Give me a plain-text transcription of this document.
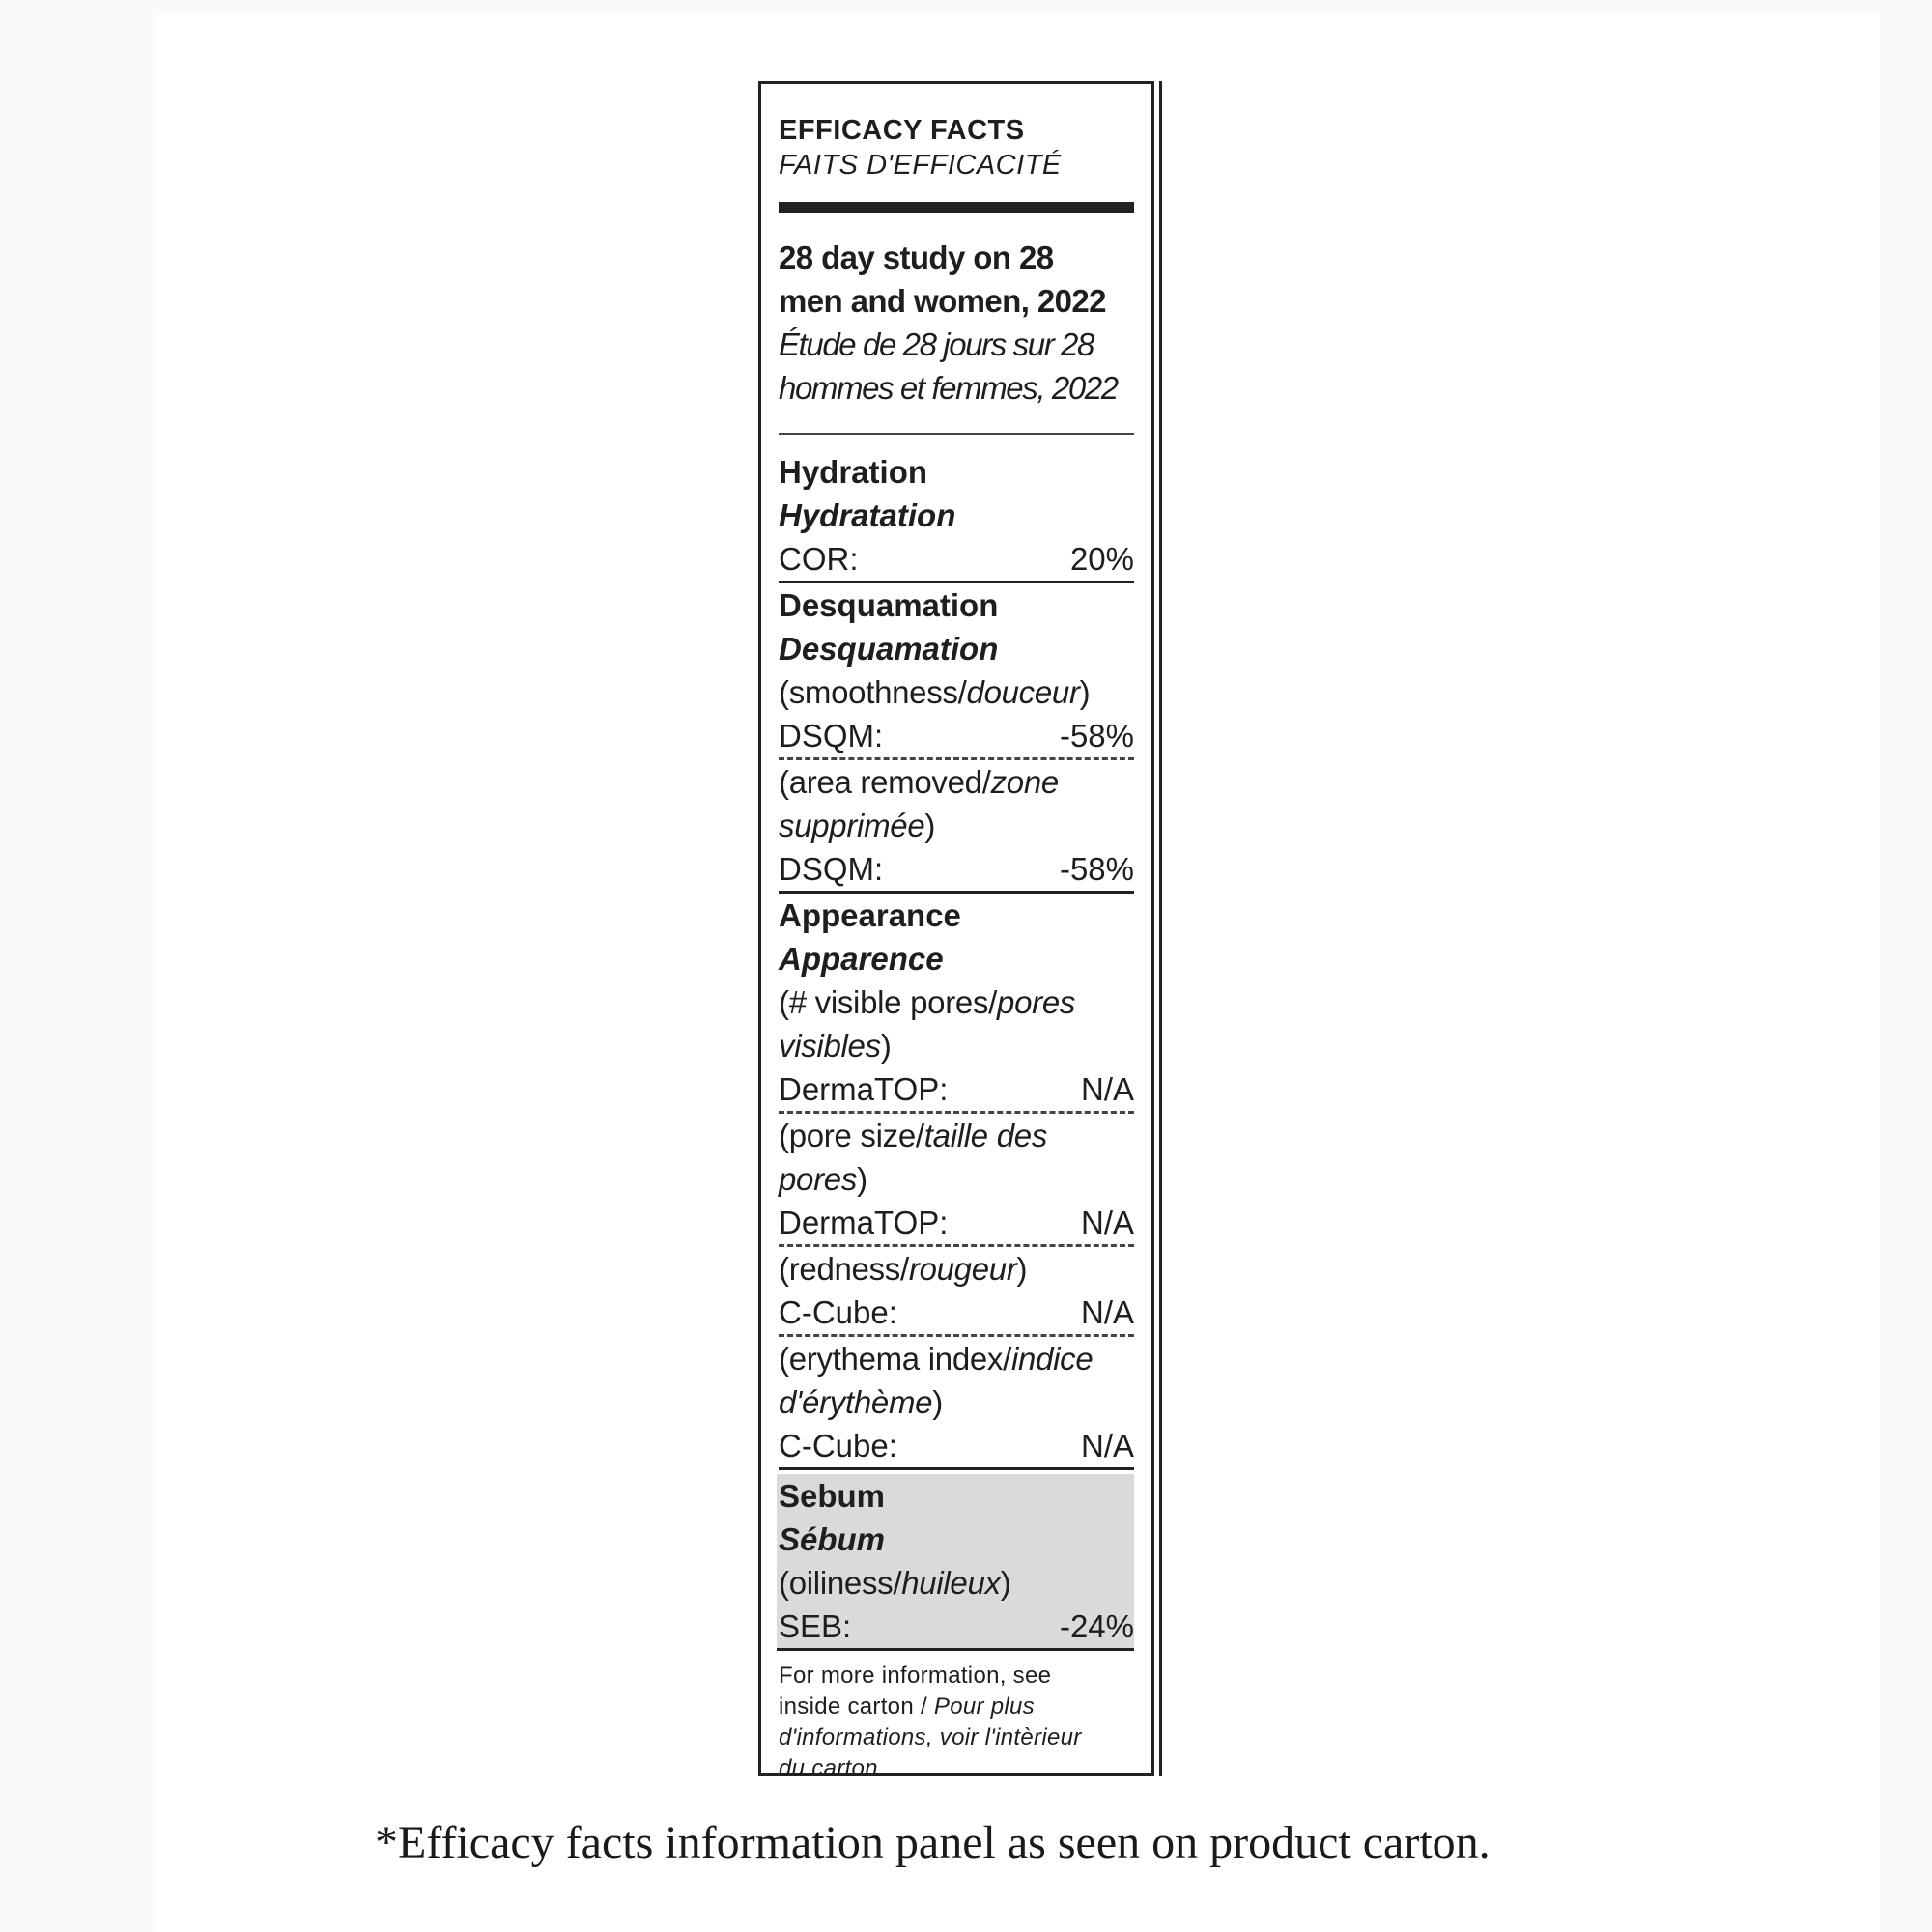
EFFICACY FACTS
FAITS D'EFFICACITÉ
28 day study on 28
men and women, 2022
Étude de 28 jours sur 28
hommes et femmes, 2022
Hydration
Hydratation
COR:	20%
Desquamation
Desquamation
(smoothness/douceur)
DSQM:	-58%
(area removed/zone
supprimée)
DSQM:	-58%
Appearance
Apparence
(# visible pores/pores
visibles)
DermaTOP:	N/A
(pore size/taille des
pores)
DermaTOP:	N/A
(redness/rougeur)
C-Cube:	N/A
(erythema index/indice
d'érythème)
C-Cube:	N/A
Sebum
Sébum
(oiliness/huileux)
SEB:	-24%
For more information, see
inside carton / Pour plus
d'informations, voir l'intèrieur
du carton
*Efficacy facts information panel as seen on product carton.
